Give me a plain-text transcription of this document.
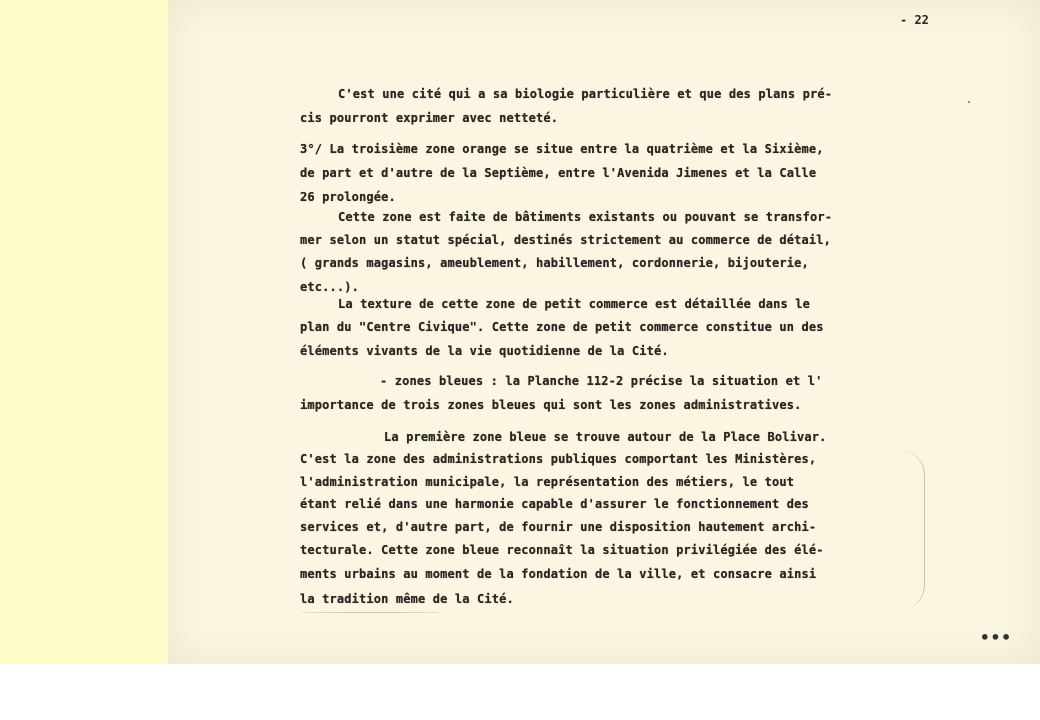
- 22
C'est une cité qui a sa biologie particulière et que des plans pré-
cis pourront exprimer avec netteté.
3°/ La troisième zone orange se situe entre la quatrième et la Sixième,
de part et d'autre de la Septième, entre l'Avenida Jimenes et la Calle
26 prolongée.
Cette zone est faite de bâtiments existants ou pouvant se transfor-
mer selon un statut spécial, destinés strictement au commerce de détail,
( grands magasins, ameublement, habillement, cordonnerie, bijouterie,
etc...).
La texture de cette zone de petit commerce est détaillée dans le
plan du "Centre Civique". Cette zone de petit commerce constitue un des
éléments vivants de la vie quotidienne de la Cité.
- zones bleues : la Planche 112-2 précise la situation et l'
importance de trois zones bleues qui sont les zones administratives.
La première zone bleue se trouve autour de la Place Bolivar.
C'est la zone des administrations publiques comportant les Ministères,
l'administration municipale, la représentation des métiers, le tout
étant relié dans une harmonie capable d'assurer le fonctionnement des
services et, d'autre part, de fournir une disposition hautement archi-
tecturale. Cette zone bleue reconnaît la situation privilégiée des élé-
ments urbains au moment de la fondation de la ville, et consacre ainsi
la tradition même de la Cité.
•••
